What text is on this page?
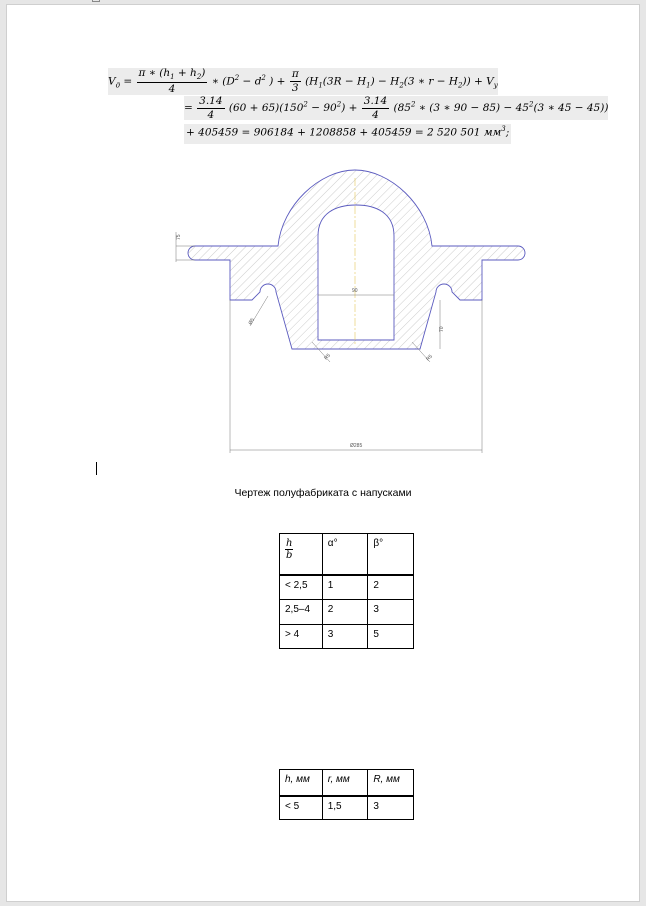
$V_д = \frac{\pi ∗ (h_1 + h_2)}{4}$ ∗ ($D^2 - d^2$ ) + $\frac{\pi}{3} (H_1(3R - H_1) - H_2(3$ ∗ $r - H_2)) + V_у$
= $\frac{3.14}{4} (60 + 65)(150^2 - 90^2) + \frac{3.14}{4} (85^2$ ∗ (3 ∗ $90 - 85) - 45^2(3$ ∗ 45 − 45))
+ 405459 = 906184 + 1208858 + 405459 = 2 520 501 $мм^3$;
75
90
Ø5
70
R5	R5
Ø285
Чертеж полуфабриката с напусками
$\frac{h}{b}$	α°	β°
< 2,5	1	2
2,5–4	2	3
> 4	3	5
h, мм	r, мм	R, мм
< 5	1,5	3
